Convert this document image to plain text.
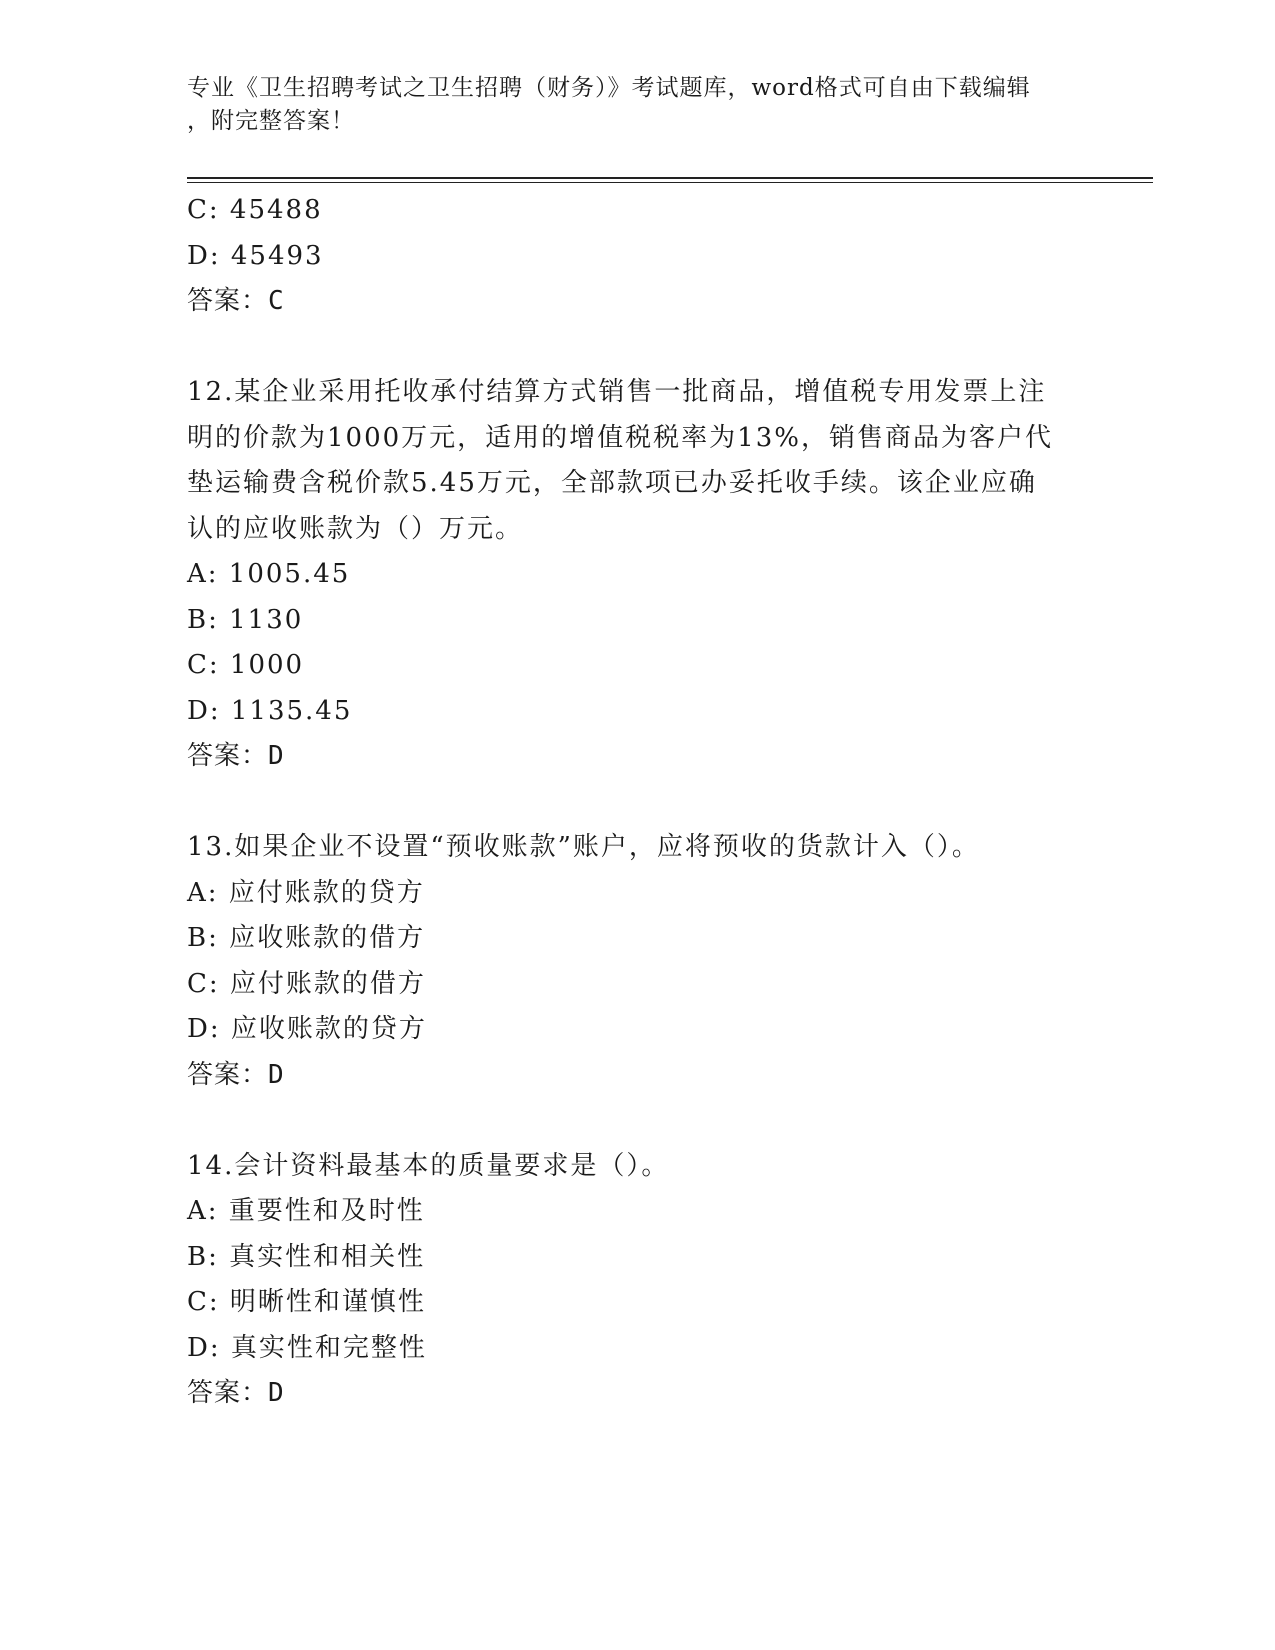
专业《卫生招聘考试之卫生招聘（财务）》考试题库，word格式可自由下载编辑
，附完整答案！
C: 45488
D: 45493
答案：C
12.某企业采用托收承付结算方式销售一批商品，增值税专用发票上注
明的价款为1000万元，适用的增值税税率为13%，销售商品为客户代
垫运输费含税价款5.45万元，全部款项已办妥托收手续。该企业应确
认的应收账款为（）万元。
A: 1005.45
B: 1130
C: 1000
D: 1135.45
答案：D
13.如果企业不设置“预收账款”账户，应将预收的货款计入（）。
A: 应付账款的贷方
B: 应收账款的借方
C: 应付账款的借方
D: 应收账款的贷方
答案：D
14.会计资料最基本的质量要求是（）。
A: 重要性和及时性
B: 真实性和相关性
C: 明晰性和谨慎性
D: 真实性和完整性
答案：D
